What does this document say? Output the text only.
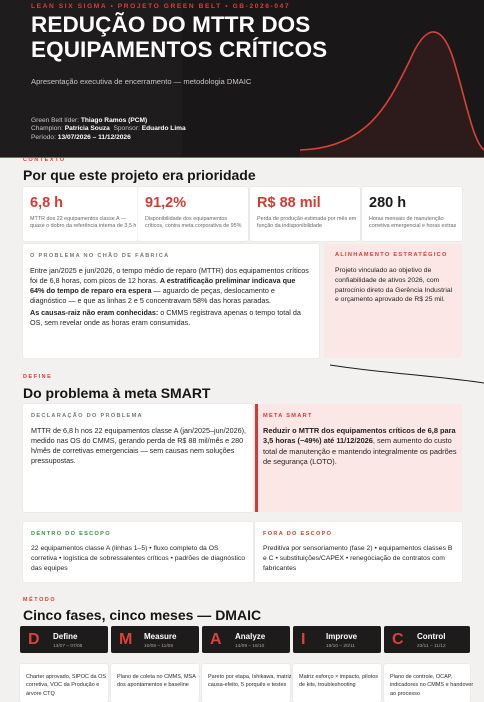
LEAN SIX SIGMA • PROJETO GREEN BELT • GB-2026-047
REDUÇÃO DO MTTR DOS
EQUIPAMENTOS CRÍTICOS
Apresentação executiva de encerramento — metodologia DMAIC
Green Belt líder: Thiago Ramos (PCM)
Champion: Patrícia Souza Sponsor: Eduardo Lima
Período: 13/07/2026 – 11/12/2026
CONTEXTO
Por que este projeto era prioridade
6,8 h
MTTR dos 22 equipamentos classe A — quase o dobro da referência interna de 3,5 h
91,2%
Disponibilidade dos equipamentos críticos, contra meta corporativa de 95%
R$ 88 mil
Perda de produção estimada por mês em função da indisponibilidade
280 h
Horas mensais de manutenção corretiva emergencial e horas extras
O PROBLEMA NO CHÃO DE FÁBRICA
Entre jan/2025 e jun/2026, o tempo médio de reparo (MTTR) dos equipamentos críticos foi de 6,8 horas, com picos de 12 horas. A estratificação preliminar indicava que 64% do tempo de reparo era espera — aguardo de peças, deslocamento e diagnóstico — e que as linhas 2 e 5 concentravam 58% das horas paradas.
As causas-raiz não eram conhecidas: o CMMS registrava apenas o tempo total da OS, sem revelar onde as horas eram consumidas.
ALINHAMENTO ESTRATÉGICO
Projeto vinculado ao objetivo de confiabilidade de ativos 2026, com patrocínio direto da Gerência Industrial e orçamento aprovado de R$ 25 mil.
DEFINE
Do problema à meta SMART
DECLARAÇÃO DO PROBLEMA
MTTR de 6,8 h nos 22 equipamentos classe A (jan/2025–jun/2026), medido nas OS do CMMS, gerando perda de R$ 88 mil/mês e 280 h/mês de corretivas emergenciais — sem causas nem soluções pressupostas.
META SMART
Reduzir o MTTR dos equipamentos críticos de 6,8 para 3,5 horas (−49%) até 11/12/2026, sem aumento do custo total de manutenção e mantendo integralmente os padrões de segurança (LOTO).
DENTRO DO ESCOPO
22 equipamentos classe A (linhas 1–5) • fluxo completo da OS corretiva • logística de sobressalentes críticos • padrões de diagnóstico das equipes
FORA DO ESCOPO
Preditiva por sensoriamento (fase 2) • equipamentos classes B e C • substituições/CAPEX • renegociação de contratos com fabricantes
MÉTODO
Cinco fases, cinco meses — DMAIC
D Define
13/07 – 07/08 M Measure
10/08 – 11/09 A Analyze
14/09 – 16/10 I	Improve
19/10 – 20/11 C Control
23/11 – 11/12
Charter aprovado, SIPOC da OS corretiva, VOC da Produção e árvore CTQ
Plano de coleta no CMMS, MSA dos apontamentos e baseline
Pareto por etapa, Ishikawa, matriz causa-efeito, 5 porquês e testes
Matriz esforço × impacto, pilotos de kits, troubleshooting
Plano de controle, OCAP, indicadores no CMMS e handover ao processo
